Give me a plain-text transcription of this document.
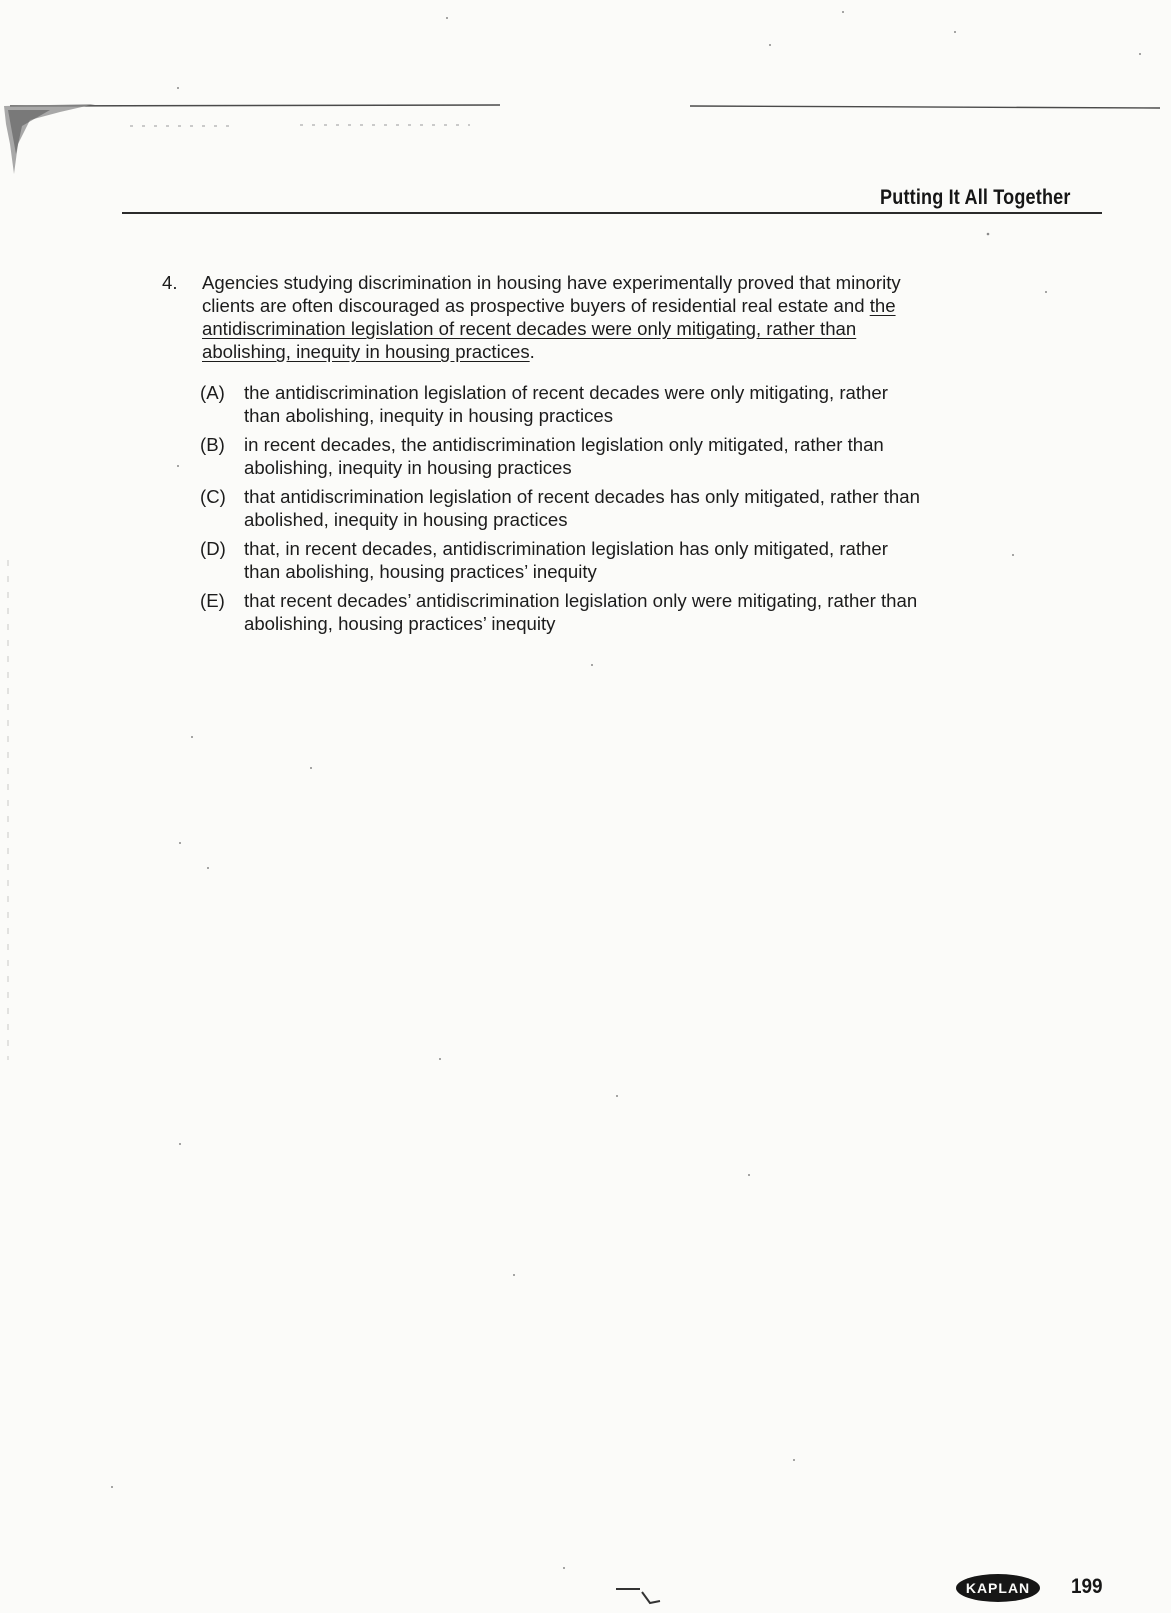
Putting It All Together
4. Agencies studying discrimination in housing have experimentally proved that minority clients are often discouraged as prospective buyers of residential real estate and the antidiscrimination legislation of recent decades were only mitigating, rather than abolishing, inequity in housing practices.
(A) the antidiscrimination legislation of recent decades were only mitigating, rather than abolishing, inequity in housing practices
(B) in recent decades, the antidiscrimination legislation only mitigated, rather than abolishing, inequity in housing practices
(C) that antidiscrimination legislation of recent decades has only mitigated, rather than abolished, inequity in housing practices
(D) that, in recent decades, antidiscrimination legislation has only mitigated, rather than abolishing, housing practices’ inequity
(E) that recent decades’ antidiscrimination legislation only were mitigating, rather than abolishing, housing practices’ inequity
KAPLAN 199
